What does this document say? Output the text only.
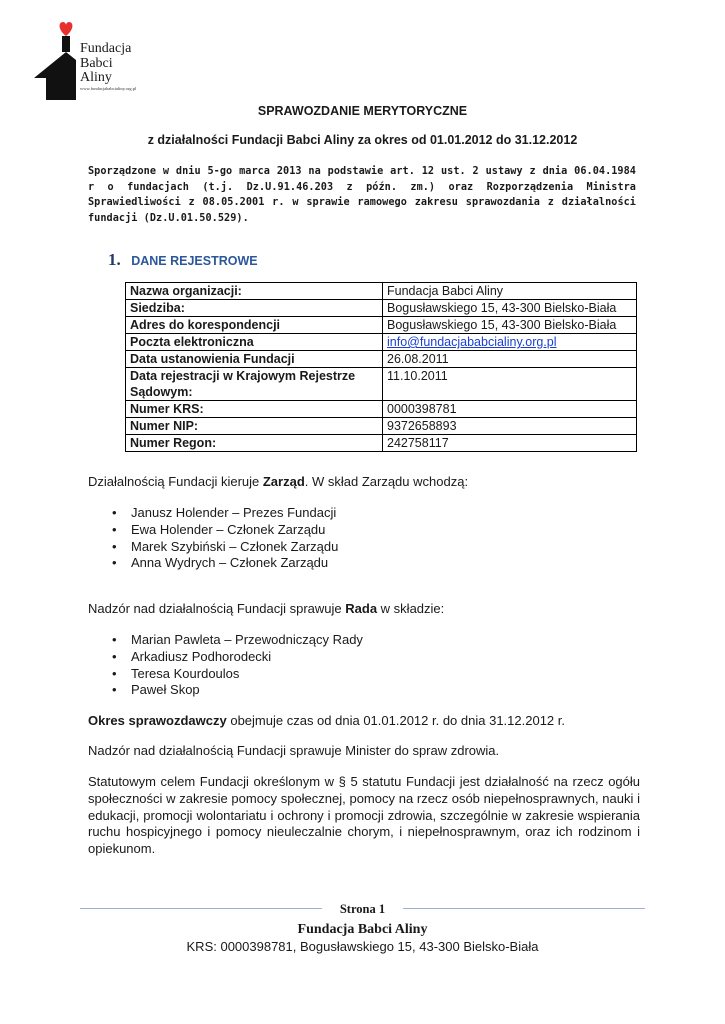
Fundacja
Babci
Aliny
www.fundacjababcialiny.org.pl
SPRAWOZDANIE MERYTORYCZNE
z działalności Fundacji Babci Aliny za okres od 01.01.2012 do 31.12.2012
Sporządzone w dniu 5-go marca 2013 na podstawie art. 12 ust. 2 ustawy z dnia 06.04.1984 r o fundacjach (t.j. Dz.U.91.46.203 z późn. zm.) oraz Rozporządzenia Ministra Sprawiedliwości z 08.05.2001 r. w sprawie ramowego zakresu sprawozdania z działalności fundacji (Dz.U.01.50.529).
1. DANE REJESTROWE
Nazwa organizacji:	Fundacja Babci Aliny
Siedziba:	Bogusławskiego 15, 43-300 Bielsko-Biała
Adres do korespondencji	Bogusławskiego 15, 43-300 Bielsko-Biała
Poczta elektroniczna	info@fundacjababcialiny.org.pl
Data ustanowienia Fundacji	26.08.2011
Data rejestracji w Krajowym Rejestrze Sądowym:	11.10.2011
Numer KRS:	0000398781
Numer NIP:	9372658893
Numer Regon:	242758117
Działalnością Fundacji kieruje Zarząd. W skład Zarządu wchodzą:
• Janusz Holender – Prezes Fundacji
• Ewa Holender – Członek Zarządu
• Marek Szybiński – Członek Zarządu
• Anna Wydrych – Członek Zarządu
Nadzór nad działalnością Fundacji sprawuje Rada w składzie:
• Marian Pawleta – Przewodniczący Rady
• Arkadiusz Podhorodecki
• Teresa Kourdoulos
• Paweł Skop
Okres sprawozdawczy obejmuje czas od dnia 01.01.2012 r. do dnia 31.12.2012 r.
Nadzór nad działalnością Fundacji sprawuje Minister do spraw zdrowia.
Statutowym celem Fundacji określonym w § 5 statutu Fundacji jest działalność na rzecz ogółu społeczności w zakresie pomocy społecznej, pomocy na rzecz osób niepełnosprawnych, nauki i edukacji, promocji wolontariatu i ochrony i promocji zdrowia, szczególnie w zakresie wspierania ruchu hospicyjnego i pomocy nieuleczalnie chorym, i niepełnosprawnym, oraz ich rodzinom i opiekunom.
Strona 1
Fundacja Babci Aliny
KRS: 0000398781, Bogusławskiego 15, 43-300 Bielsko-Biała
